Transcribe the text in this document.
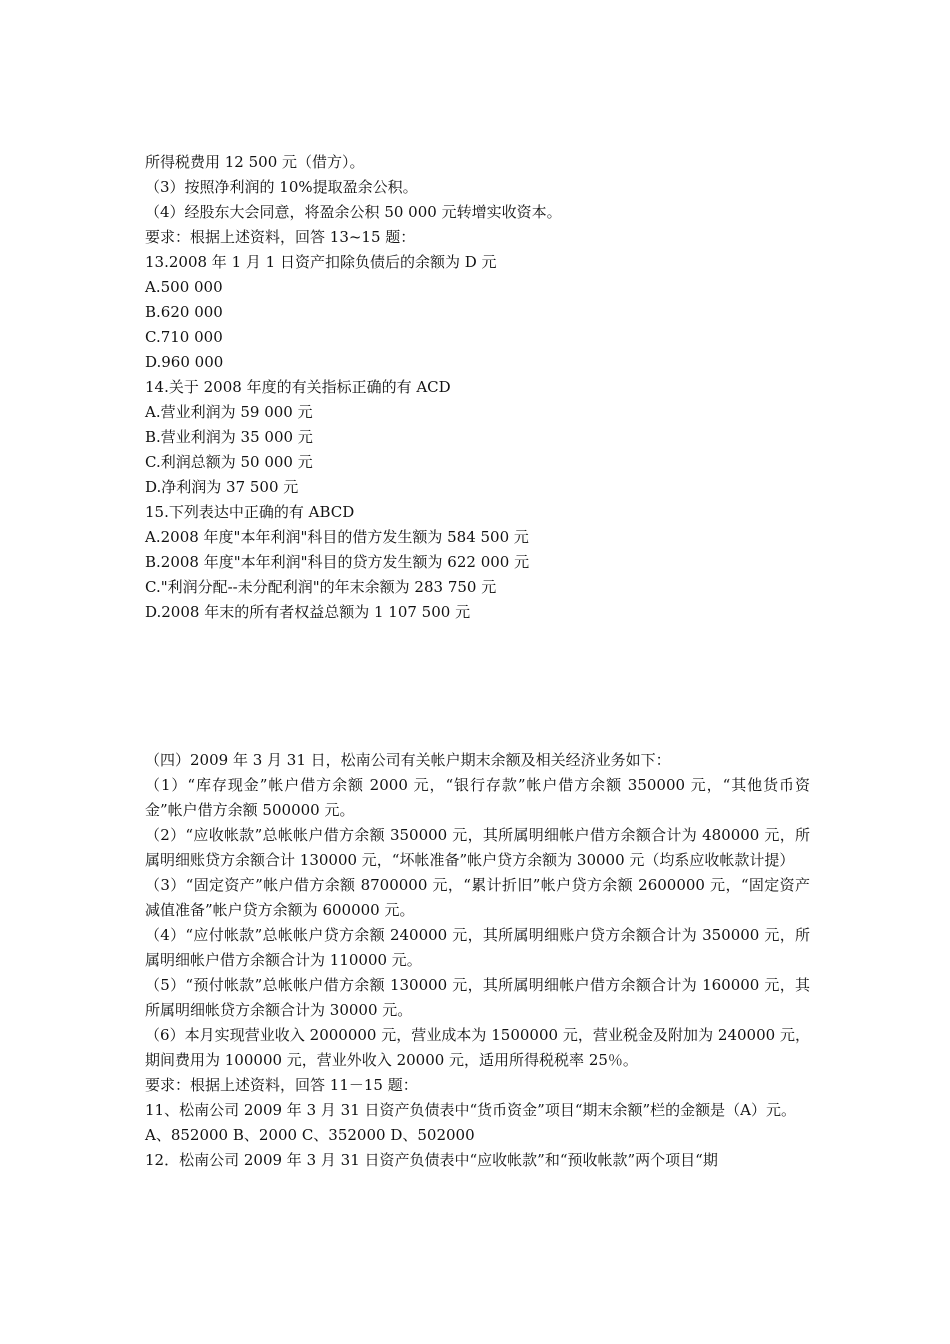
所得税费用 12 500 元（借方）。
（3）按照净利润的 10%提取盈余公积。
（4）经股东大会同意，将盈余公积 50 000 元转增实收资本。
要求：根据上述资料，回答 13~15 题：
13.2008 年 1 月 1 日资产扣除负债后的余额为 D 元
A.500 000
B.620 000
C.710 000
D.960 000
14.关于 2008 年度的有关指标正确的有 ACD
A.营业利润为 59 000 元
B.营业利润为 35 000 元
C.利润总额为 50 000 元
D.净利润为 37 500 元
15.下列表达中正确的有 ABCD
A.2008 年度"本年利润"科目的借方发生额为 584 500 元
B.2008 年度"本年利润"科目的贷方发生额为 622 000 元
C."利润分配--未分配利润"的年末余额为 283 750 元
D.2008 年末的所有者权益总额为 1 107 500 元
（四）2009 年 3 月 31 日，松南公司有关帐户期末余额及相关经济业务如下：
（1）“库存现金”帐户借方余额 2000 元，“银行存款”帐户借方余额 350000 元，“其他货币资金”帐户借方余额 500000 元。
（2）“应收帐款”总帐帐户借方余额 350000 元，其所属明细帐户借方余额合计为 480000 元，所属明细账贷方余额合计 130000 元，“坏帐准备”帐户贷方余额为 30000 元（均系应收帐款计提）
（3）“固定资产”帐户借方余额 8700000 元，“累计折旧”帐户贷方余额 2600000 元，“固定资产减值准备”帐户贷方余额为 600000 元。
（4）“应付帐款”总帐帐户贷方余额 240000 元，其所属明细账户贷方余额合计为 350000 元，所属明细帐户借方余额合计为 110000 元。
（5）“预付帐款”总帐帐户借方余额 130000 元，其所属明细帐户借方余额合计为 160000 元，其所属明细帐贷方余额合计为 30000 元。
（6）本月实现营业收入 2000000 元，营业成本为 1500000 元，营业税金及附加为 240000 元，期间费用为 100000 元，营业外收入 20000 元，适用所得税税率 25％。
要求：根据上述资料，回答 11－15 题：
11、松南公司 2009 年 3 月 31 日资产负债表中“货币资金”项目“期末余额”栏的金额是（A）元。
A、852000 B、2000 C、352000 D、502000
12．松南公司 2009 年 3 月 31 日资产负债表中“应收帐款”和“预收帐款”两个项目“期
